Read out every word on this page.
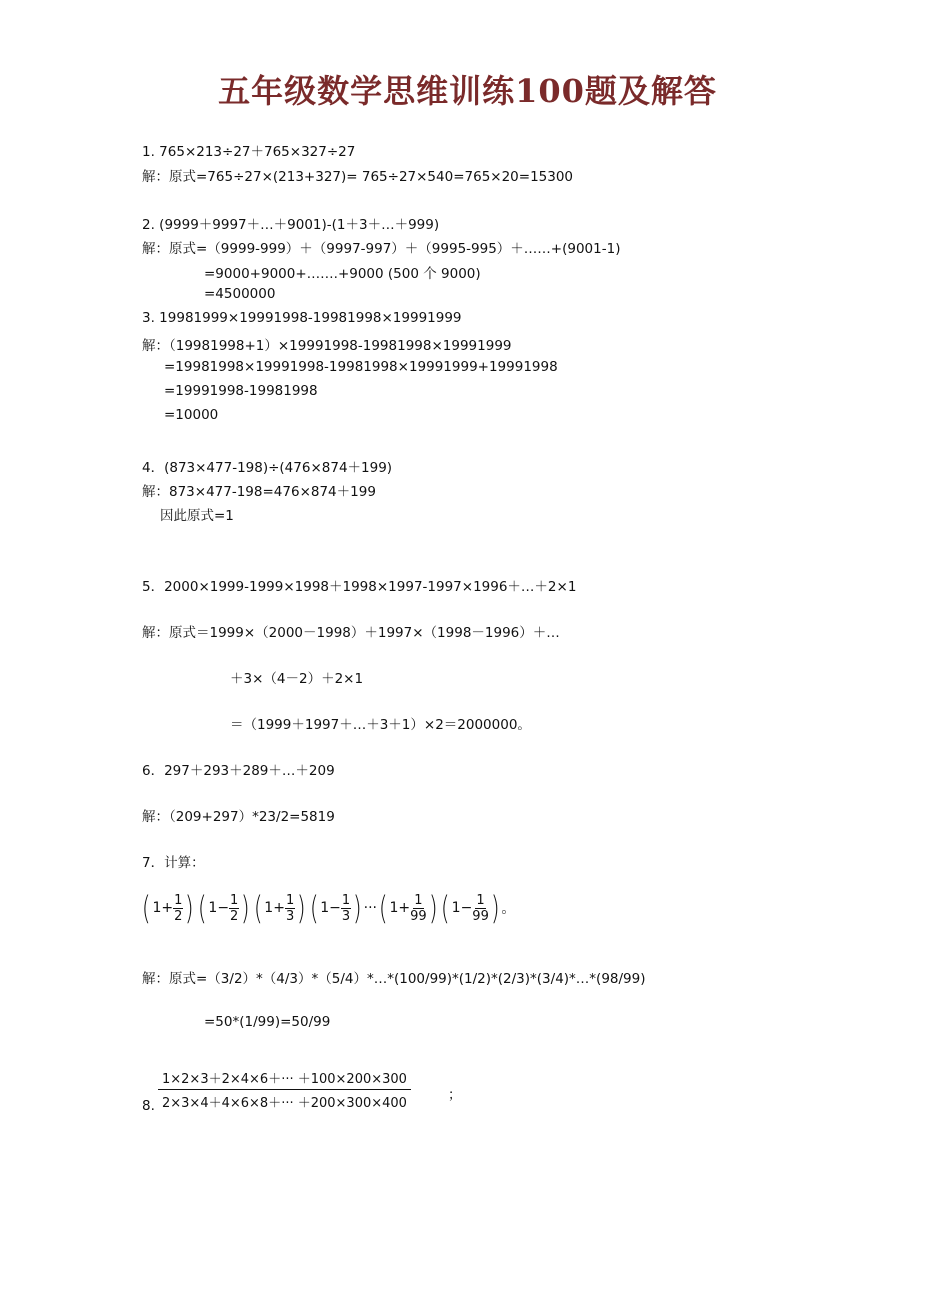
五年级数学思维训练100题及解答
1. 765×213÷27＋765×327÷27
解：原式=765÷27×(213+327)= 765÷27×540=765×20=15300
2. (9999＋9997＋…＋9001)-(1＋3＋…＋999)
解：原式=（9999-999）＋（9997-997）＋（9995-995）＋……+(9001-1)
=9000+9000+…….+9000 (500 个 9000)
=4500000
3. 19981999×19991998-19981998×19991999
解：（19981998+1）×19991998-19981998×19991999
=19981998×19991998-19981998×19991999+19991998
=19991998-19981998
=10000
4．(873×477-198)÷(476×874＋199)
解：873×477-198=476×874＋199
因此原式=1
5．2000×1999-1999×1998＋1998×1997-1997×1996＋…＋2×1
解：原式＝1999×（2000－1998）＋1997×（1998－1996）＋…
＋3×（4－2）＋2×1
＝（1999＋1997＋…＋3＋1）×2＝2000000。
6．297＋293＋289＋…＋209
解：（209+297）*23/2=5819
7．计算：
( $1+ \frac{1}{2}$ ) ( $1- \frac{1}{2}$ ) ( $1+ \frac{1}{3}$ ) ( $1- \frac{1}{3}$ ) ···( $1+ \frac{1}{99}$ ) ( $1- \frac{1}{99}$ ) 。
解：原式=（3/2）*（4/3）*（5/4）*…*(100/99)*(1/2)*(2/3)*(3/4)*…*(98/99)
=50*(1/99)=50/99
8. $\frac{1\times 2\times 3+2\times 4\times 6+\cdot\cdot\cdot +100\times 200\times 300}{2\times 3\times 4+4\times 6\times 8+\cdot\cdot\cdot +200\times 300\times 400}$	；
